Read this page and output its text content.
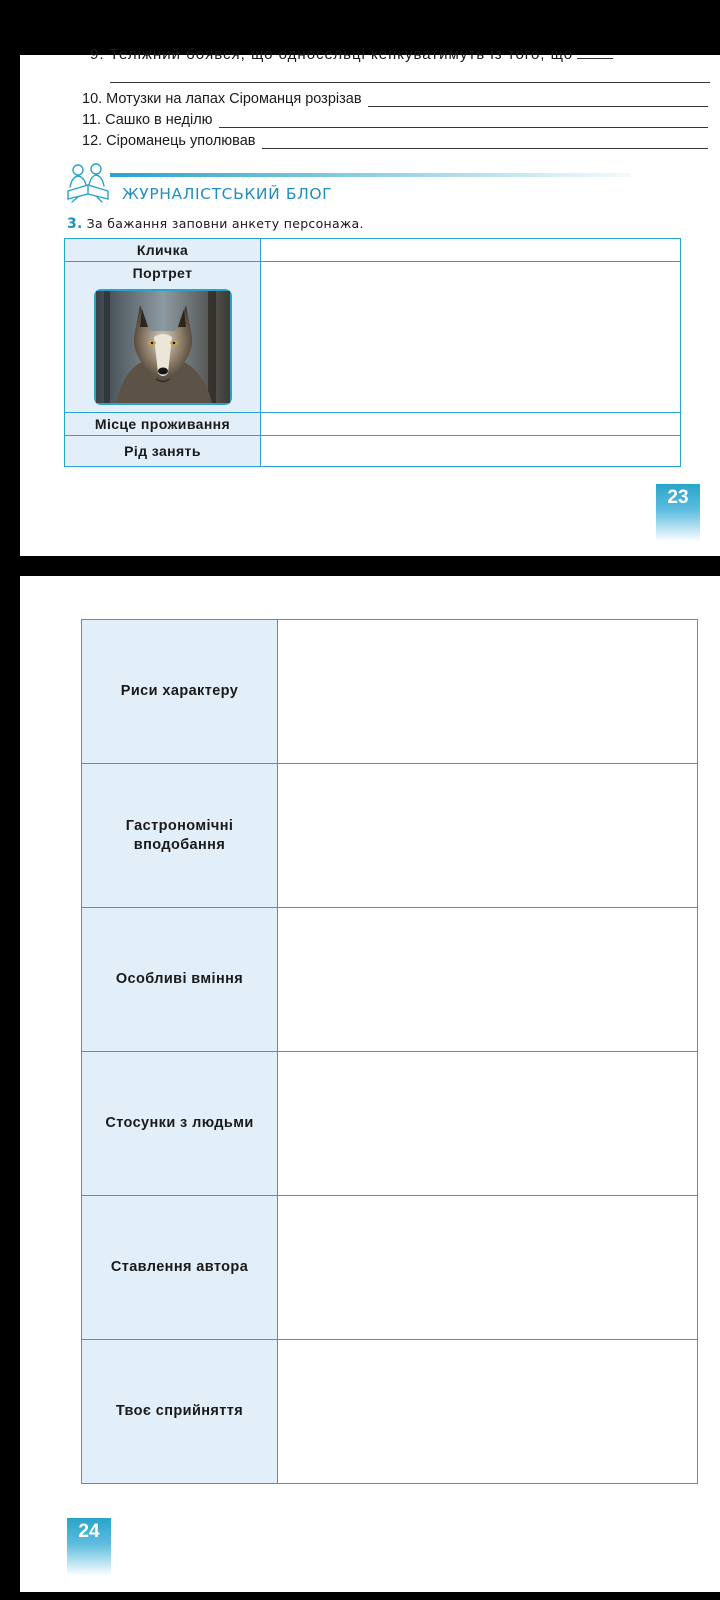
9. Теліжний боявся, що односельці кепкуватимуть із того, що
10. Мотузки на лапах Сіроманця розрізав
11. Сашко в неділю
12. Сіроманець уполював
ЖУРНАЛІСТСЬКИЙ БЛОГ
3. За бажання заповни анкету персонажа.
Кличка	

Портрет	

Місце проживання	
Рід занять	
23
Риси характеру	
Гастрономічні вподобання	
Особливі вміння	
Стосунки з людьми	
Ставлення автора	
Твоє сприйняття	
24
